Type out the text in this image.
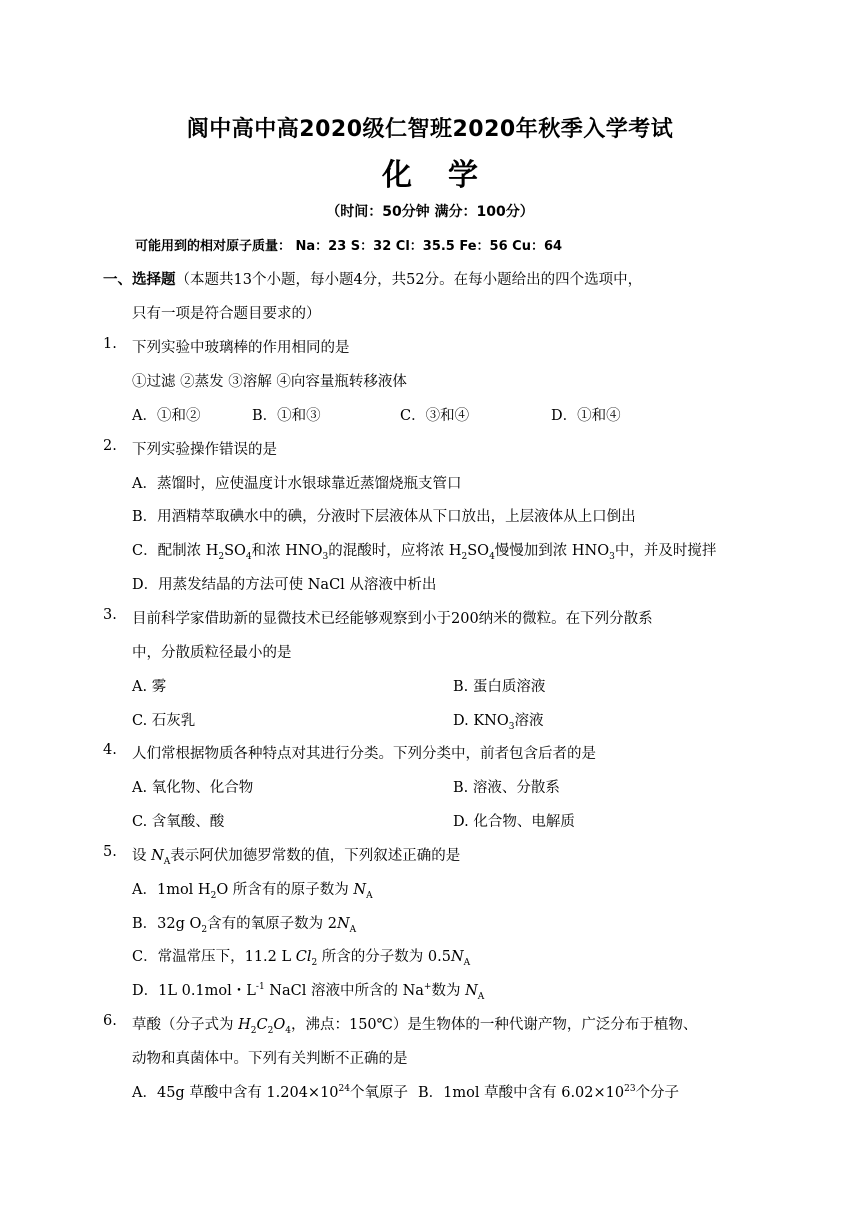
阆中高中高2020级仁智班2020年秋季入学考试
化学
（时间：50分钟 满分：100分）
可能用到的相对原子质量： Na：23 S：32 Cl：35.5 Fe：56 Cu：64
一、选择题（本题共13个小题，每小题4分，共52分。在每小题给出的四个选项中，
只有一项是符合题目要求的）
1. 下列实验中玻璃棒的作用相同的是
①过滤 ②蒸发 ③溶解 ④向容量瓶转移液体
A．①和②	B．①和③	C．③和④	D．①和④
2. 下列实验操作错误的是
A．蒸馏时，应使温度计水银球靠近蒸馏烧瓶支管口
B．用酒精萃取碘水中的碘，分液时下层液体从下口放出，上层液体从上口倒出
C．配制浓 $H_2SO_4$和浓 $HNO_3$的混酸时，应将浓 $H_2SO_4$慢慢加到浓 $HNO_3$中，并及时搅拌
D．用蒸发结晶的方法可使 NaCl 从溶液中析出
3. 目前科学家借助新的显微技术已经能够观察到小于200纳米的微粒。在下列分散系
中，分散质粒径最小的是
A. 雾	B. 蛋白质溶液
C. 石灰乳	D. $KNO_3$溶液
4. 人们常根据物质各种特点对其进行分类。下列分类中，前者包含后者的是
A. 氧化物、化合物	B. 溶液、分散系
C. 含氧酸、酸	D. 化合物、电解质
5. 设 $N_A$表示阿伏加德罗常数的值，下列叙述正确的是
A．1mol $H_2O$ 所含有的原子数为 $N_A$
B．32g $O_2$含有的氧原子数为 $2N_A$
C．常温常压下，11.2 L $Cl_2$ 所含的分子数为 $0.5N_A$
D．1L 0.1mol・$L^{-1}$ NaCl 溶液中所含的 Na+数为 $N_A$
6. 草酸（分子式为 $H_2C_2O_4$，沸点：150℃）是生物体的一种代谢产物，广泛分布于植物、
动物和真菌体中。下列有关判断不正确的是
A．45g 草酸中含有 $1.204\times 10^{24}$个氧原子 B．1mol 草酸中含有 $6.02\times 10^{23}$个分子
